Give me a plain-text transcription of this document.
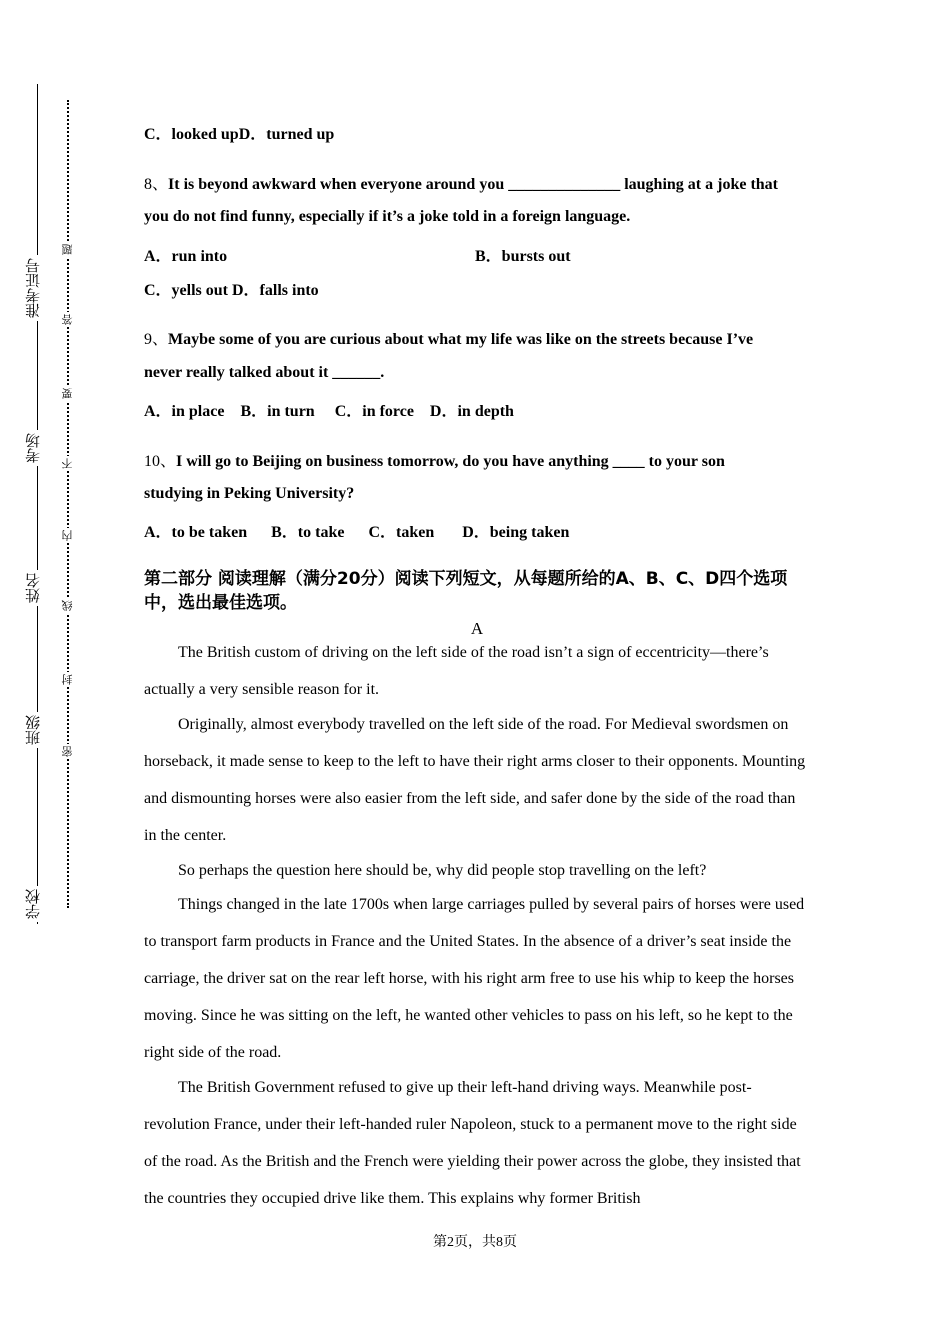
准考证号
考场
姓名
班级
学校
题
答
要
不
内
线
封
密
C．looked upD．turned up
8、It is beyond awkward when everyone around you ______________ laughing at a joke that
you do not find funny, especially if it’s a joke told in a foreign language.
A．run into	B．bursts out
C．yells out D．falls into
9、Maybe some of you are curious about what my life was like on the streets because I’ve
never really talked about it ______.
A．in place    B．in turn     C．in force    D．in depth
10、I will go to Beijing on business tomorrow, do you have anything ____ to your son
studying in Peking University?
A．to be taken      B．to take      C．taken       D．being taken
第二部分 阅读理解（满分20分）阅读下列短文，从每题所给的A、B、C、D四个选项中，选出最佳选项。
A
The British custom of driving on the left side of the road isn’t a sign of eccentricity—there’s actually a very sensible reason for it.
Originally, almost everybody travelled on the left side of the road. For Medieval swordsmen on horseback, it made sense to keep to the left to have their right arms closer to their opponents. Mounting and dismounting horses were also easier from the left side, and safer done by the side of the road than in the center.
So perhaps the question here should be, why did people stop travelling on the left?
Things changed in the late 1700s when large carriages pulled by several pairs of horses were used to transport farm products in France and the United States. In the absence of a driver’s seat inside the carriage, the driver sat on the rear left horse, with his right arm free to use his whip to keep the horses moving. Since he was sitting on the left, he wanted other vehicles to pass on his left, so he kept to the right side of the road.
The British Government refused to give up their left-hand driving ways. Meanwhile post-revolution France, under their left-handed ruler Napoleon, stuck to a permanent move to the right side of the road. As the British and the French were yielding their power across the globe, they insisted that the countries they occupied drive like them. This explains why former British
第2页，共8页
